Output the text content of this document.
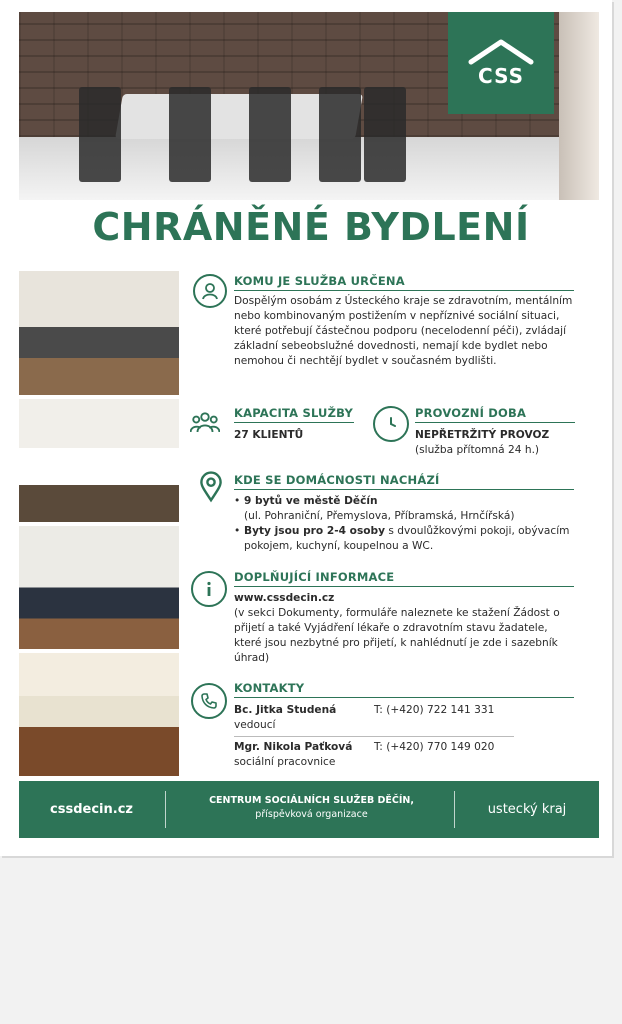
CSS
CHRÁNĚNÉ BYDLENÍ
KOMU JE SLUŽBA URČENA
Dospělým osobám z Ústeckého kraje se zdravotním, mentálním nebo kombinovaným postižením v nepříznivé sociální situaci, které potřebují částečnou podporu (necelodenní péči), zvládají základní sebeobslužné dovednosti, nemají kde bydlet nebo nemohou či nechtějí bydlet v současném bydlišti.
KAPACITA SLUŽBY
27 KLIENTŮ
PROVOZNÍ DOBA
NEPŘETRŽITÝ PROVOZ
(služba přítomná 24 h.)
KDE SE DOMÁCNOSTI NACHÁZÍ
• 9 bytů ve městě Děčín
(ul. Pohraniční, Přemyslova, Příbramská, Hrnčířská)
• Byty jsou pro 2-4 osoby s dvoulůžkovými pokoji, obývacím pokojem, kuchyní, koupelnou a WC.
DOPLŇUJÍCÍ INFORMACE
www.cssdecin.cz
(v sekci Dokumenty, formuláře naleznete ke stažení Žádost o přijetí a také Vyjádření lékaře o zdravotním stavu žadatele, které jsou nezbytné pro přijetí, k nahlédnutí je zde i sazebník úhrad)
KONTAKTY
Bc. Jitka Studená
vedoucí
T: (+420) 722 141 331
Mgr. Nikola Paťková
sociální pracovnice
T: (+420) 770 149 020
cssdecin.cz
CENTRUM SOCIÁLNÍCH SLUŽEB DĚČÍN,
příspěvková organizace	ustecký kraj
